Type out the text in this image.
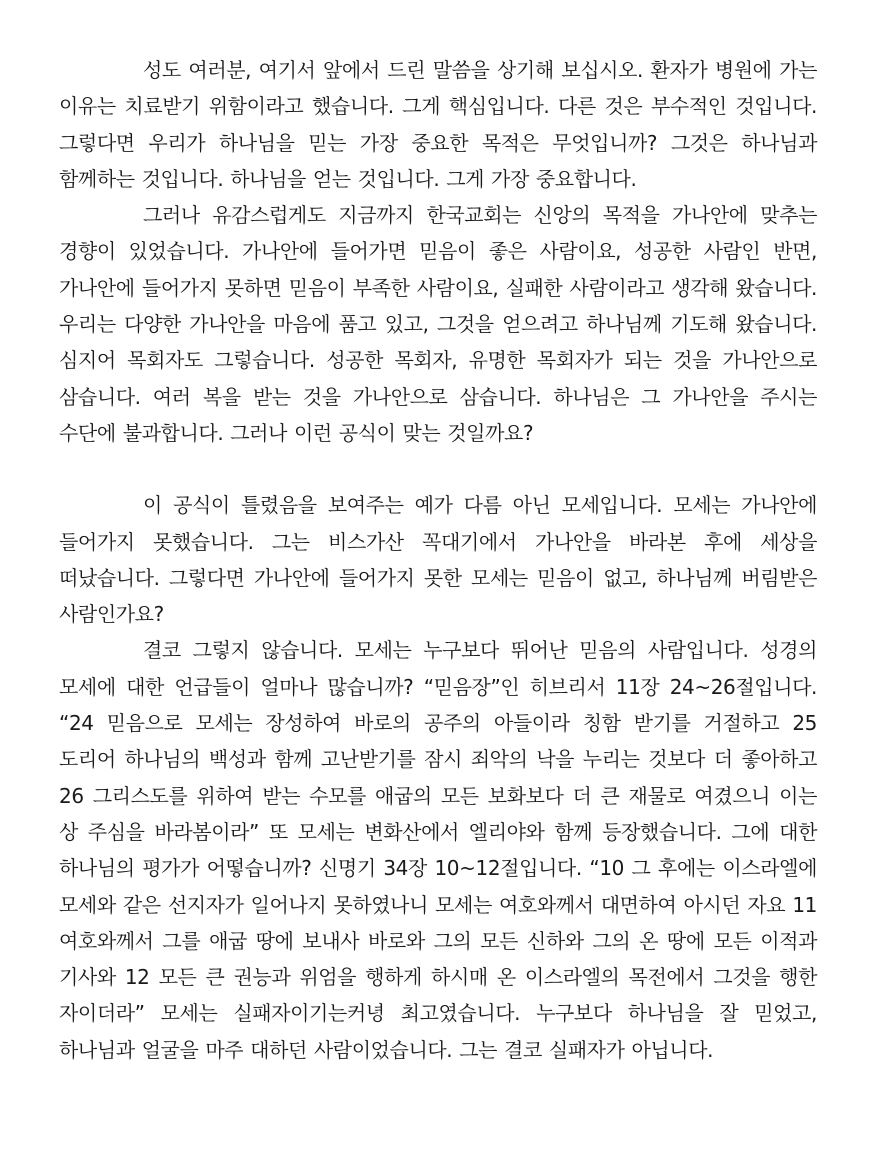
성도 여러분, 여기서 앞에서 드린 말씀을 상기해 보십시오. 환자가 병원에 가는 이유는 치료받기 위함이라고 했습니다. 그게 핵심입니다. 다른 것은 부수적인 것입니다. 그렇다면 우리가 하나님을 믿는 가장 중요한 목적은 무엇입니까? 그것은 하나님과 함께하는 것입니다. 하나님을 얻는 것입니다. 그게 가장 중요합니다.

그러나 유감스럽게도 지금까지 한국교회는 신앙의 목적을 가나안에 맞추는 경향이 있었습니다. 가나안에 들어가면 믿음이 좋은 사람이요, 성공한 사람인 반면, 가나안에 들어가지 못하면 믿음이 부족한 사람이요, 실패한 사람이라고 생각해 왔습니다. 우리는 다양한 가나안을 마음에 품고 있고, 그것을 얻으려고 하나님께 기도해 왔습니다. 심지어 목회자도 그렇습니다. 성공한 목회자, 유명한 목회자가 되는 것을 가나안으로 삼습니다. 여러 복을 받는 것을 가나안으로 삼습니다. 하나님은 그 가나안을 주시는 수단에 불과합니다. 그러나 이런 공식이 맞는 것일까요?

이 공식이 틀렸음을 보여주는 예가 다름 아닌 모세입니다. 모세는 가나안에 들어가지 못했습니다. 그는 비스가산 꼭대기에서 가나안을 바라본 후에 세상을 떠났습니다. 그렇다면 가나안에 들어가지 못한 모세는 믿음이 없고, 하나님께 버림받은 사람인가요?

결코 그렇지 않습니다. 모세는 누구보다 뛰어난 믿음의 사람입니다. 성경의 모세에 대한 언급들이 얼마나 많습니까? “믿음장”인 히브리서 11장 24~26절입니다. “24 믿음으로 모세는 장성하여 바로의 공주의 아들이라 칭함 받기를 거절하고 25 도리어 하나님의 백성과 함께 고난받기를 잠시 죄악의 낙을 누리는 것보다 더 좋아하고 26 그리스도를 위하여 받는 수모를 애굽의 모든 보화보다 더 큰 재물로 여겼으니 이는 상 주심을 바라봄이라” 또 모세는 변화산에서 엘리야와 함께 등장했습니다. 그에 대한 하나님의 평가가 어떻습니까? 신명기 34장 10~12절입니다. “10 그 후에는 이스라엘에 모세와 같은 선지자가 일어나지 못하였나니 모세는 여호와께서 대면하여 아시던 자요 11 여호와께서 그를 애굽 땅에 보내사 바로와 그의 모든 신하와 그의 온 땅에 모든 이적과 기사와 12 모든 큰 권능과 위엄을 행하게 하시매 온 이스라엘의 목전에서 그것을 행한 자이더라” 모세는 실패자이기는커녕 최고였습니다. 누구보다 하나님을 잘 믿었고, 하나님과 얼굴을 마주 대하던 사람이었습니다. 그는 결코 실패자가 아닙니다.
